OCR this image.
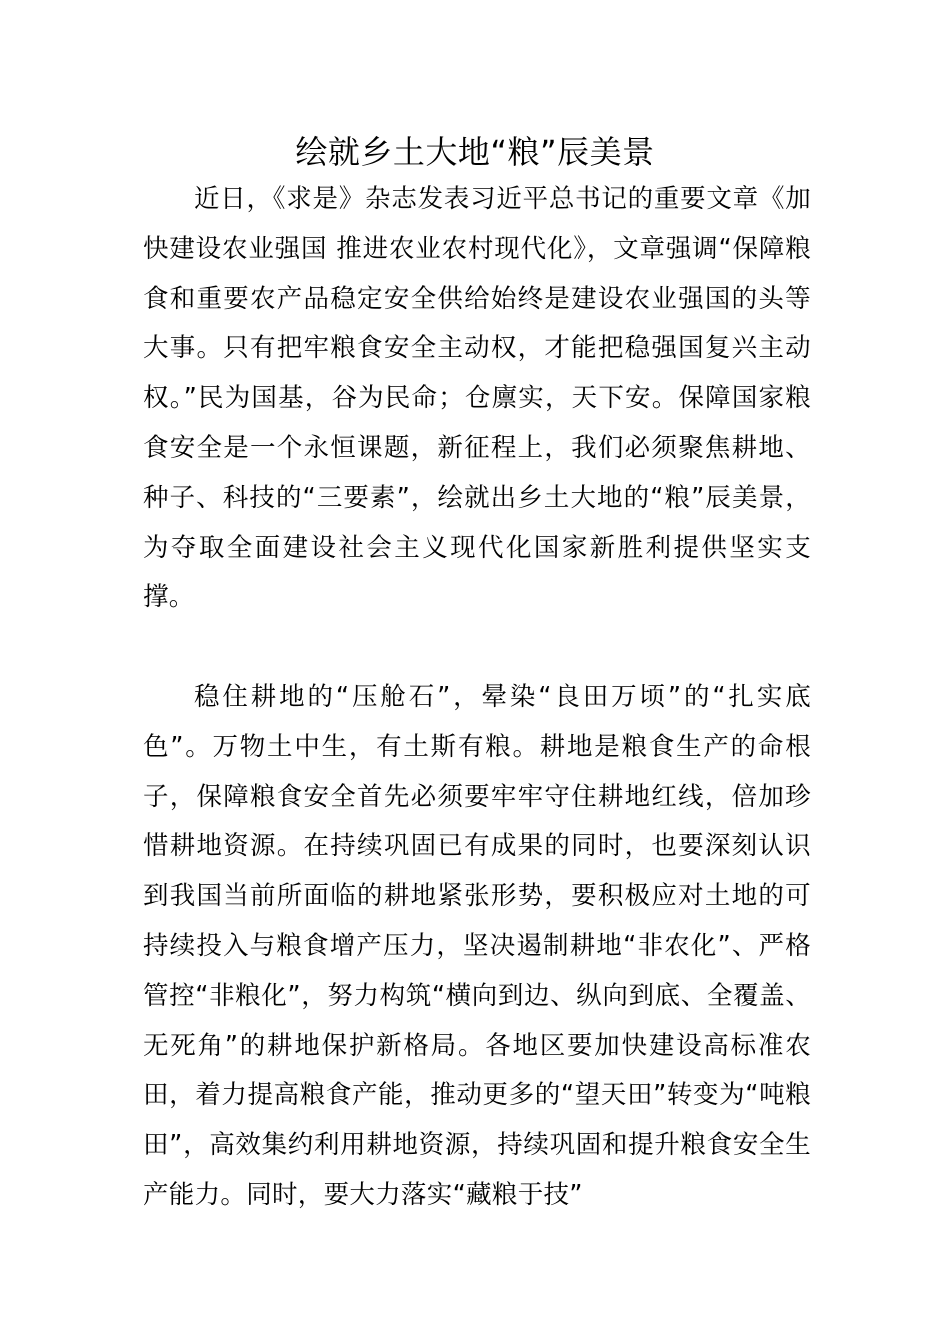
绘就乡土大地“粮”辰美景

近日，《求是》杂志发表习近平总书记的重要文章《加快建设农业强国 推进农业农村现代化》，文章强调“保障粮食和重要农产品稳定安全供给始终是建设农业强国的头等大事。只有把牢粮食安全主动权，才能把稳强国复兴主动权。”民为国基，谷为民命；仓廪实，天下安。保障国家粮食安全是一个永恒课题，新征程上，我们必须聚焦耕地、种子、科技的“三要素”，绘就出乡土大地的“粮”辰美景，为夺取全面建设社会主义现代化国家新胜利提供坚实支撑。

稳住耕地的“压舱石”，晕染“良田万顷”的“扎实底色”。万物土中生，有土斯有粮。耕地是粮食生产的命根子，保障粮食安全首先必须要牢牢守住耕地红线，倍加珍惜耕地资源。在持续巩固已有成果的同时，也要深刻认识到我国当前所面临的耕地紧张形势，要积极应对土地的可持续投入与粮食增产压力，坚决遏制耕地“非农化”、严格管控“非粮化”，努力构筑“横向到边、纵向到底、全覆盖、无死角”的耕地保护新格局。各地区要加快建设高标准农田，着力提高粮食产能，推动更多的“望天田”转变为“吨粮田”，高效集约利用耕地资源，持续巩固和提升粮食安全生产能力。同时，要大力落实“藏粮于技”
